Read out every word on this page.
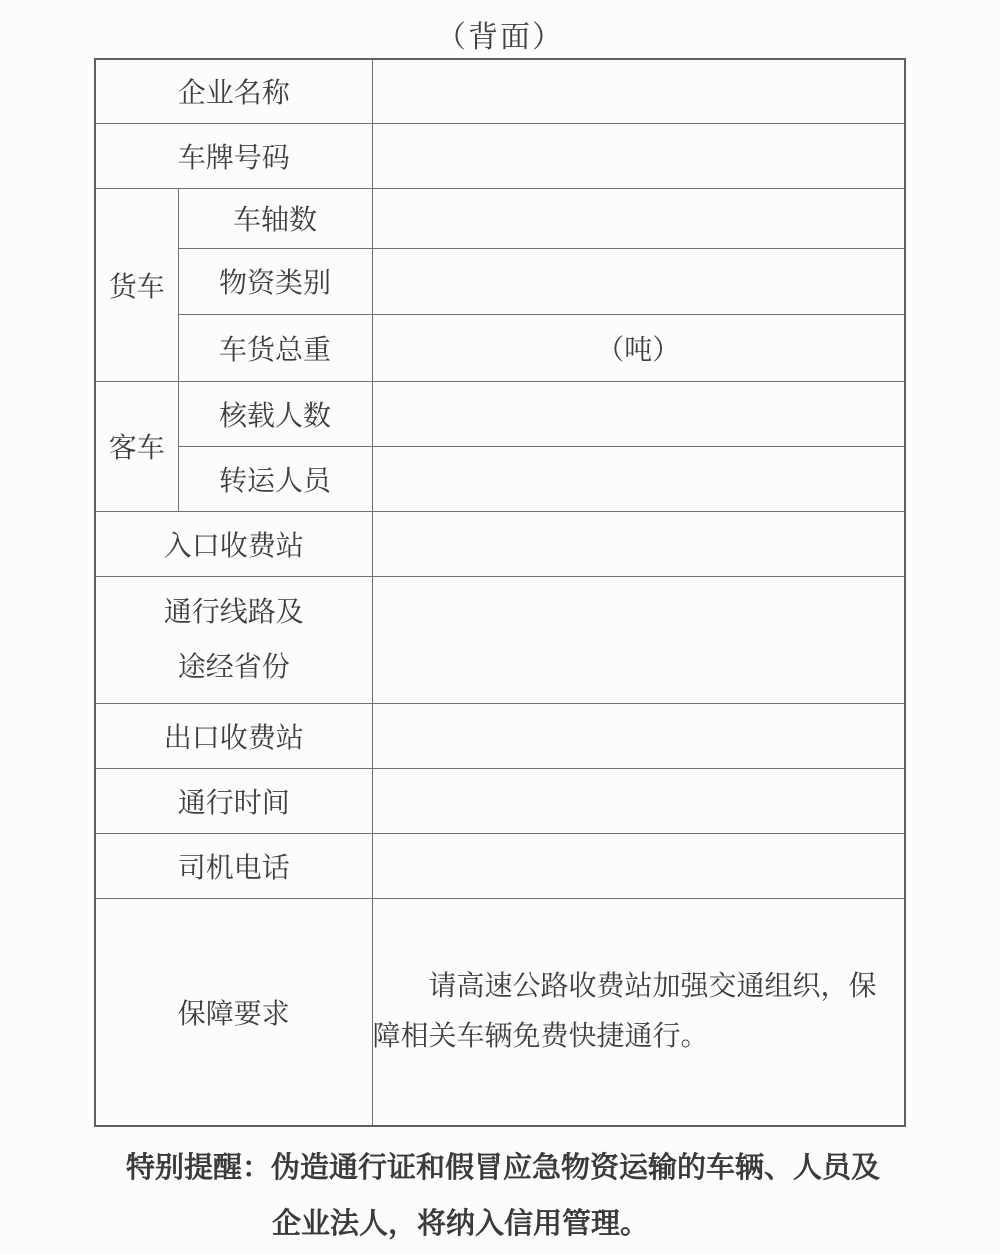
（背面）
企业名称		
车牌号码		
货车	车轴数	
	物资类别	
	车货总重	（吨）
客车	核载人数	
	转运人员	
入口收费站		

通行线路及
途经省份		

出口收费站		
通行时间		
司机电话		
保障要求		请高速公路收费站加强交通组织，保障相关车辆免费快捷通行。
特别提醒：伪造通行证和假冒应急物资运输的车辆、人员及
企业法人，将纳入信用管理。
